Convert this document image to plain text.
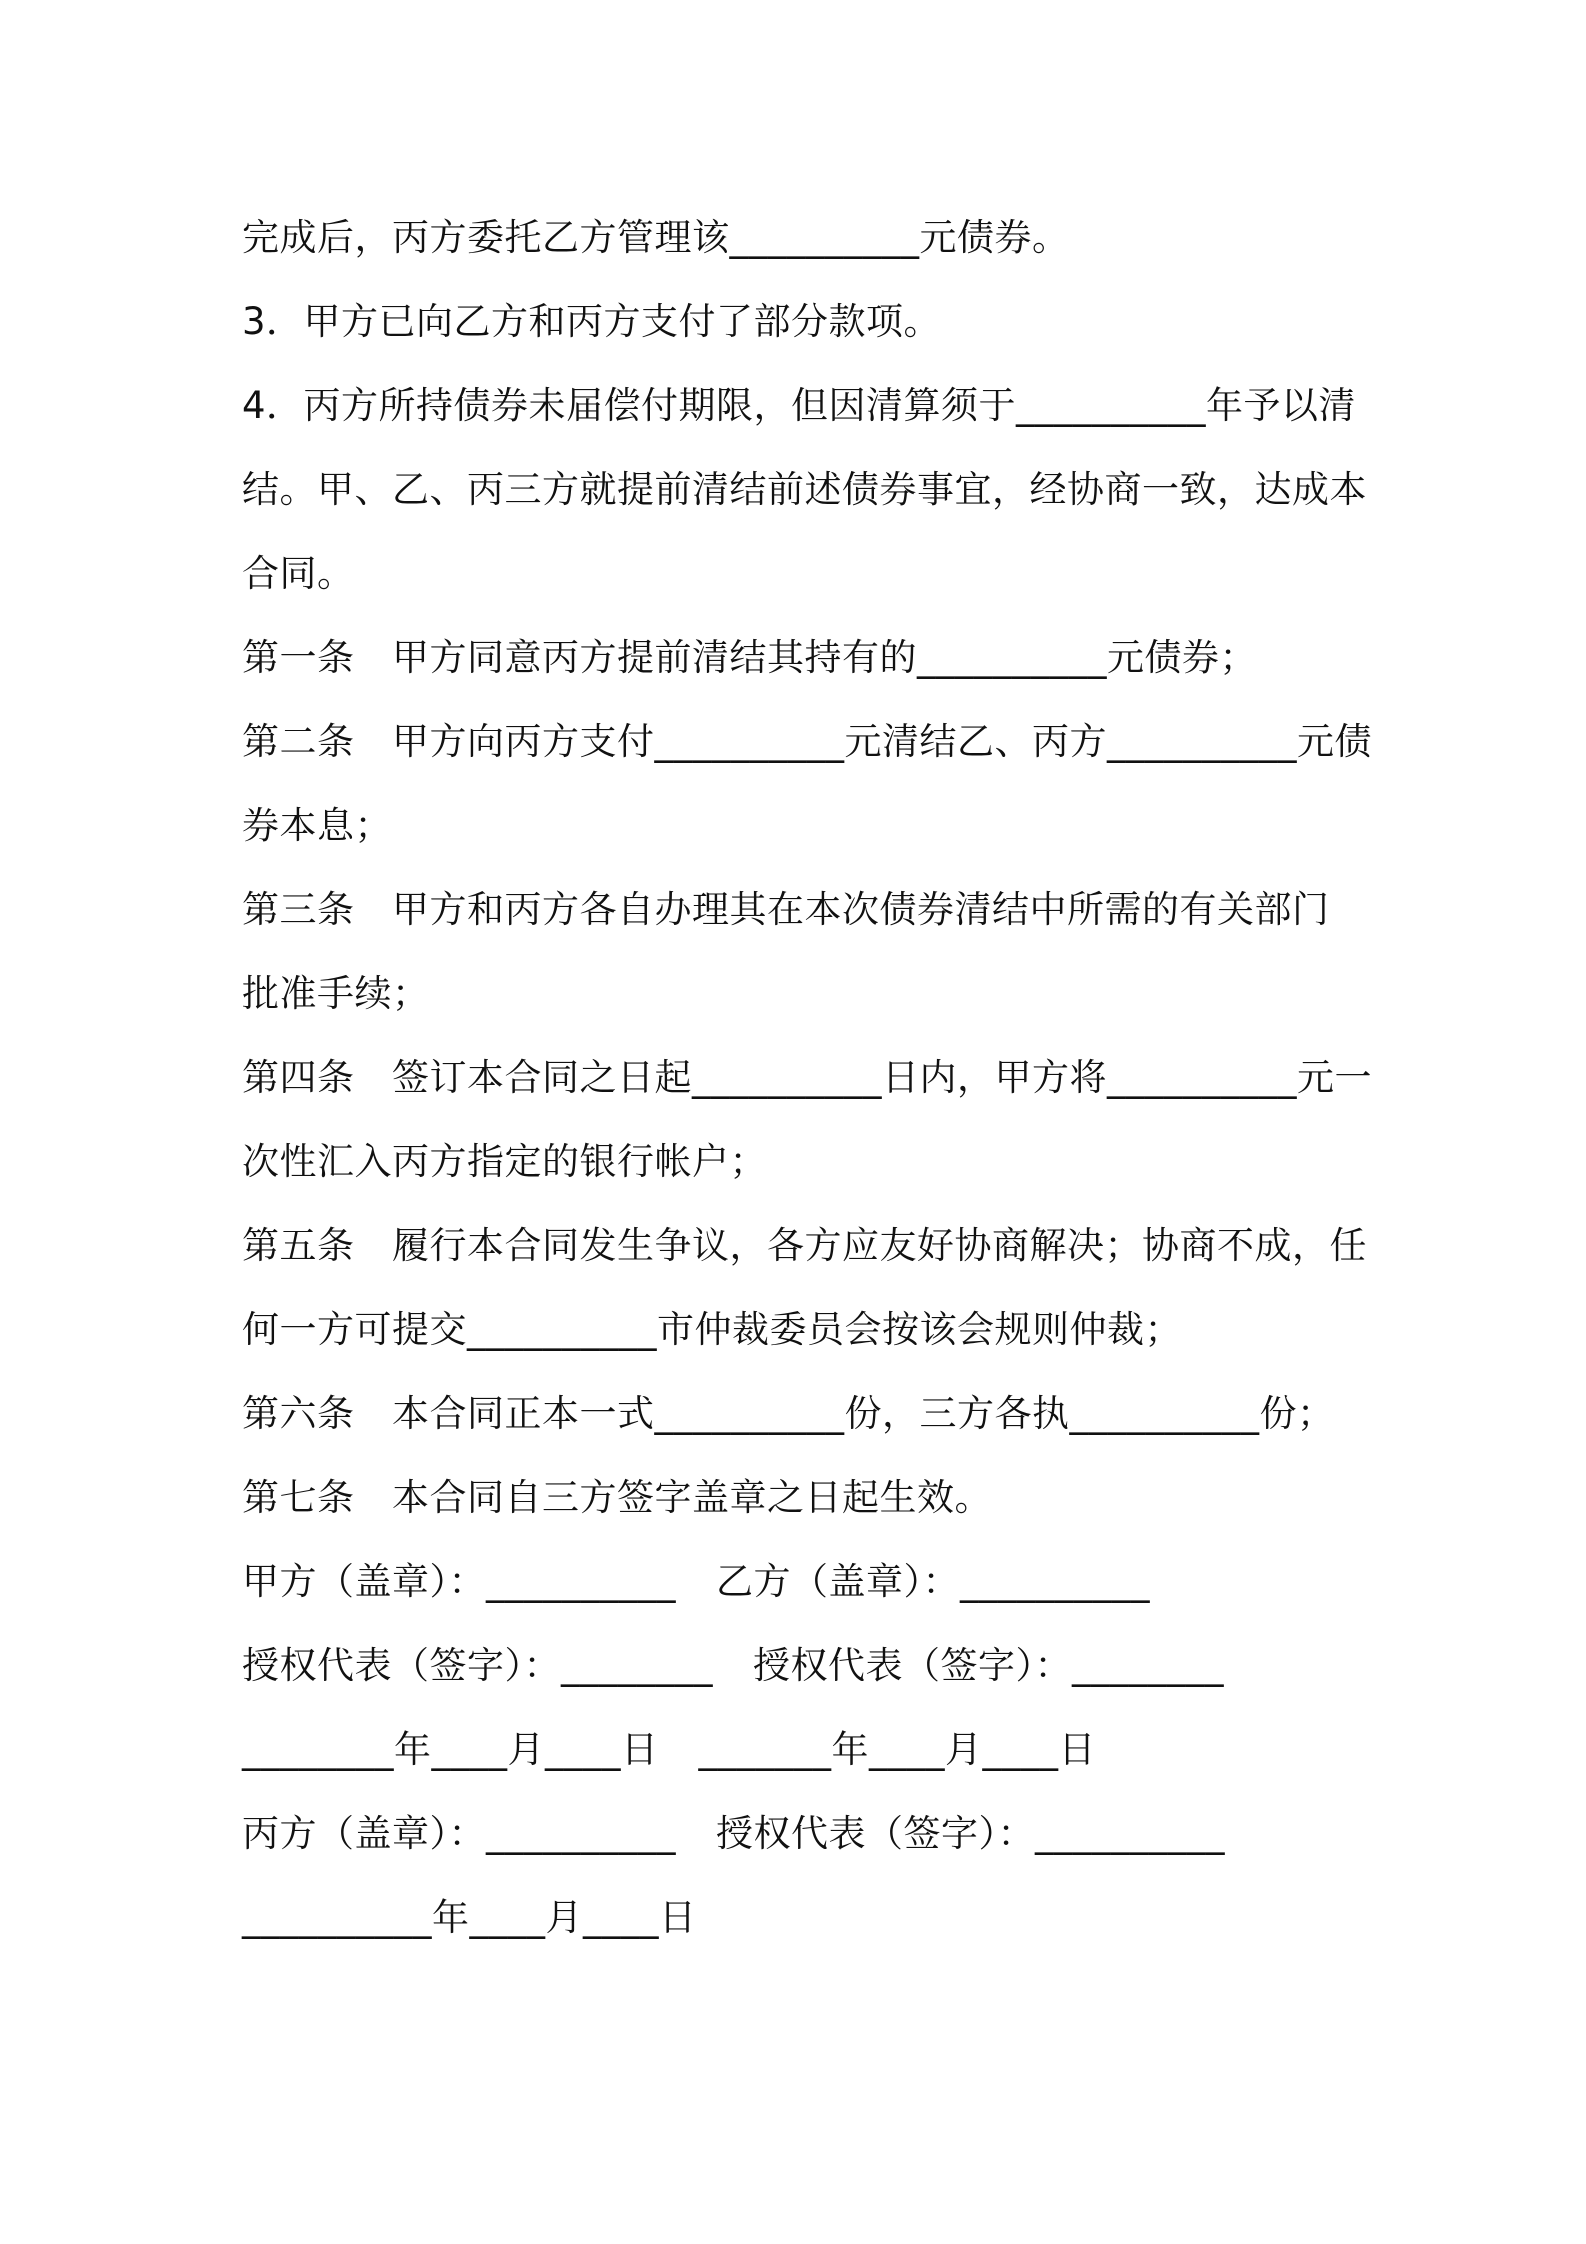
完成后，丙方委托乙方管理该__________元债券。
3．甲方已向乙方和丙方支付了部分款项。
4．丙方所持债券未届偿付期限，但因清算须于__________年予以清
结。甲、乙、丙三方就提前清结前述债券事宜，经协商一致，达成本
合同。
第一条　甲方同意丙方提前清结其持有的__________元债券；
第二条　甲方向丙方支付__________元清结乙、丙方__________元债
券本息；
第三条　甲方和丙方各自办理其在本次债券清结中所需的有关部门
批准手续；
第四条　签订本合同之日起__________日内，甲方将__________元一
次性汇入丙方指定的银行帐户；
第五条　履行本合同发生争议，各方应友好协商解决；协商不成，任
何一方可提交__________市仲裁委员会按该会规则仲裁；
第六条　本合同正本一式__________份，三方各执__________份；
第七条　本合同自三方签字盖章之日起生效。
甲方（盖章）：__________ 乙方（盖章）：__________
授权代表（签字）：________ 授权代表（签字）：________
________年____月____日 _______年____月____日
丙方（盖章）：__________ 授权代表（签字）：__________
__________年____月____日
